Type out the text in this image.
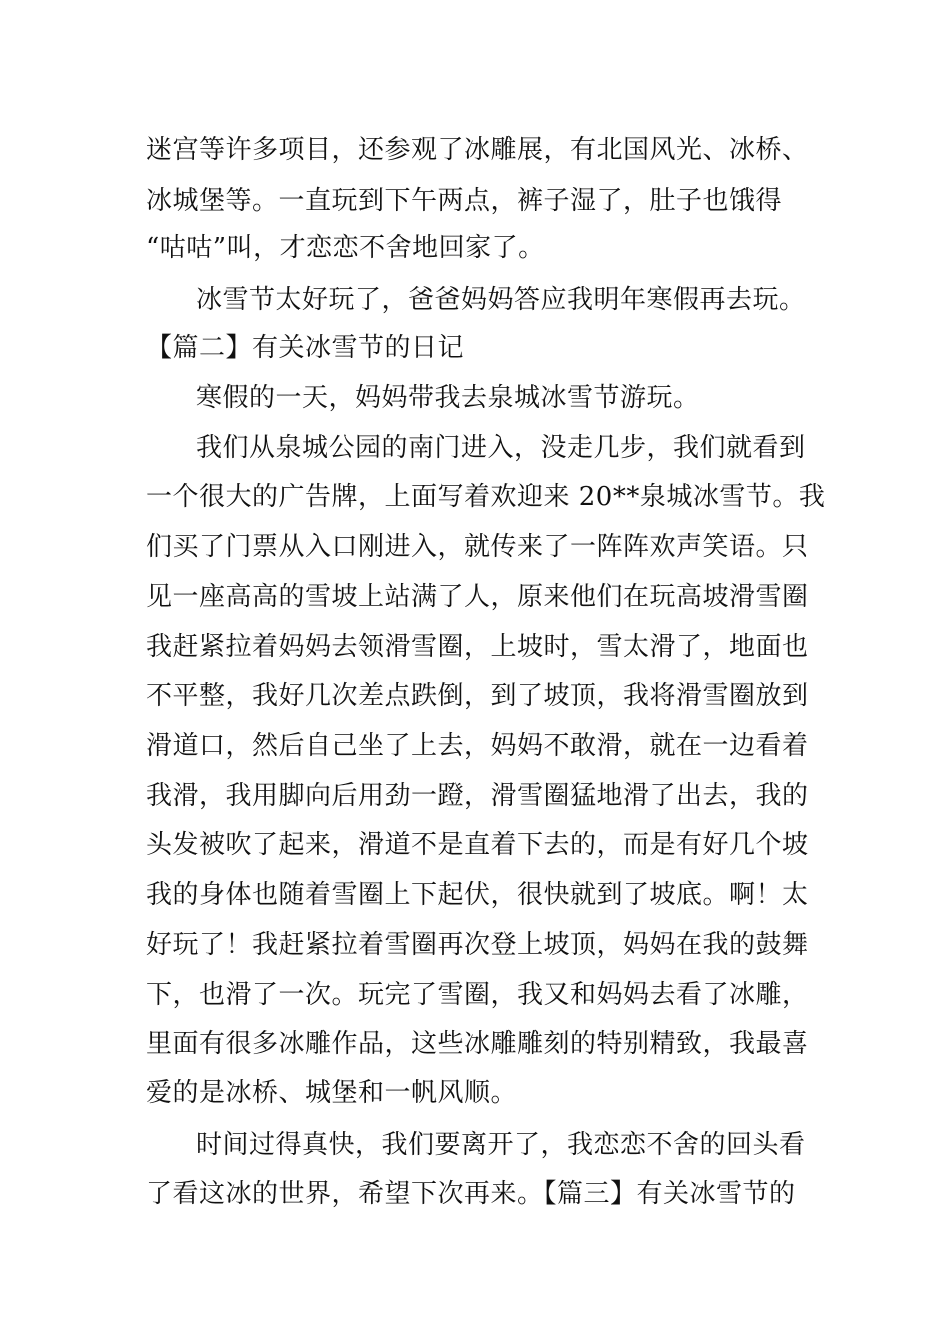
迷宫等许多项目，还参观了冰雕展，有北国风光、冰桥、
冰城堡等。一直玩到下午两点，裤子湿了，肚子也饿得
“咕咕”叫，才恋恋不舍地回家了。
冰雪节太好玩了，爸爸妈妈答应我明年寒假再去玩。
【篇二】有关冰雪节的日记
寒假的一天，妈妈带我去泉城冰雪节游玩。
我们从泉城公园的南门进入，没走几步，我们就看到
一个很大的广告牌，上面写着欢迎来 20**泉城冰雪节。我
们买了门票从入口刚进入，就传来了一阵阵欢声笑语。只
见一座高高的雪坡上站满了人，原来他们在玩高坡滑雪圈
我赶紧拉着妈妈去领滑雪圈，上坡时，雪太滑了，地面也
不平整，我好几次差点跌倒，到了坡顶，我将滑雪圈放到
滑道口，然后自己坐了上去，妈妈不敢滑，就在一边看着
我滑，我用脚向后用劲一蹬，滑雪圈猛地滑了出去，我的
头发被吹了起来，滑道不是直着下去的，而是有好几个坡
我的身体也随着雪圈上下起伏，很快就到了坡底。啊！太
好玩了！我赶紧拉着雪圈再次登上坡顶，妈妈在我的鼓舞
下，也滑了一次。玩完了雪圈，我又和妈妈去看了冰雕，
里面有很多冰雕作品，这些冰雕雕刻的特别精致，我最喜
爱的是冰桥、城堡和一帆风顺。
时间过得真快，我们要离开了，我恋恋不舍的回头看
了看这冰的世界，希望下次再来。【篇三】有关冰雪节的
